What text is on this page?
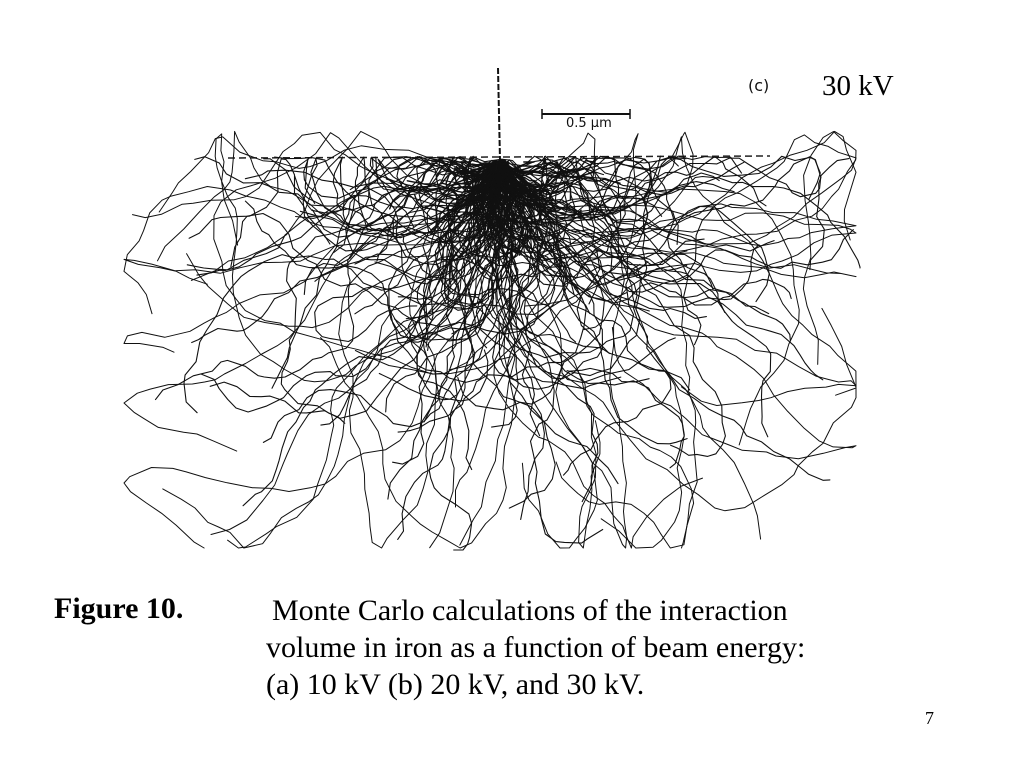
(c) 30 kV
0.5 µm
Figure 10.	Monte Carlo calculations of the interaction
volume in iron as a function of beam energy:
(a) 10 kV (b) 20 kV, and 30 kV.
7
